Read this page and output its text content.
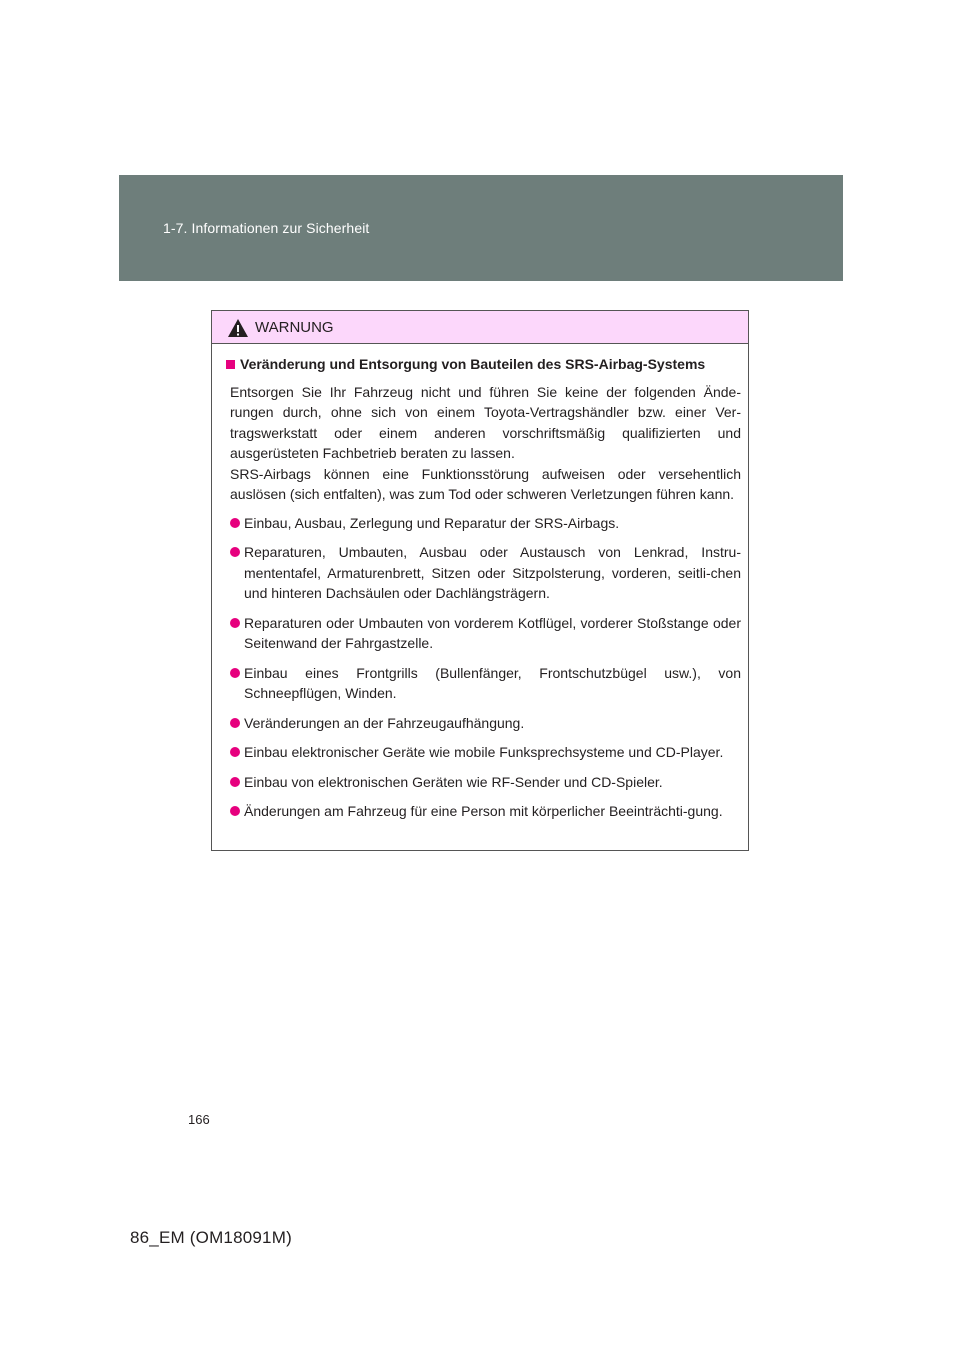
1-7. Informationen zur Sicherheit
WARNUNG
Veränderung und Entsorgung von Bauteilen des SRS-Airbag-Systems
Entsorgen Sie Ihr Fahrzeug nicht und führen Sie keine der folgenden Ände-rungen durch, ohne sich von einem Toyota-Vertragshändler bzw. einer Ver-tragswerkstatt oder einem anderen vorschriftsmäßig qualifizierten und ausgerüsteten Fachbetrieb beraten zu lassen.
SRS-Airbags können eine Funktionsstörung aufweisen oder versehentlich auslösen (sich entfalten), was zum Tod oder schweren Verletzungen führen kann.
Einbau, Ausbau, Zerlegung und Reparatur der SRS-Airbags.
Reparaturen, Umbauten, Ausbau oder Austausch von Lenkrad, Instru-mententafel, Armaturenbrett, Sitzen oder Sitzpolsterung, vorderen, seitli-chen und hinteren Dachsäulen oder Dachlängsträgern.
Reparaturen oder Umbauten von vorderem Kotflügel, vorderer Stoßstange oder Seitenwand der Fahrgastzelle.
Einbau eines Frontgrills (Bullenfänger, Frontschutzbügel usw.), von Schneepflügen, Winden.
Veränderungen an der Fahrzeugaufhängung.
Einbau elektronischer Geräte wie mobile Funksprechsysteme und CD-Player.
Einbau von elektronischen Geräten wie RF-Sender und CD-Spieler.
Änderungen am Fahrzeug für eine Person mit körperlicher Beeinträchti-gung.
166
86_EM (OM18091M)
